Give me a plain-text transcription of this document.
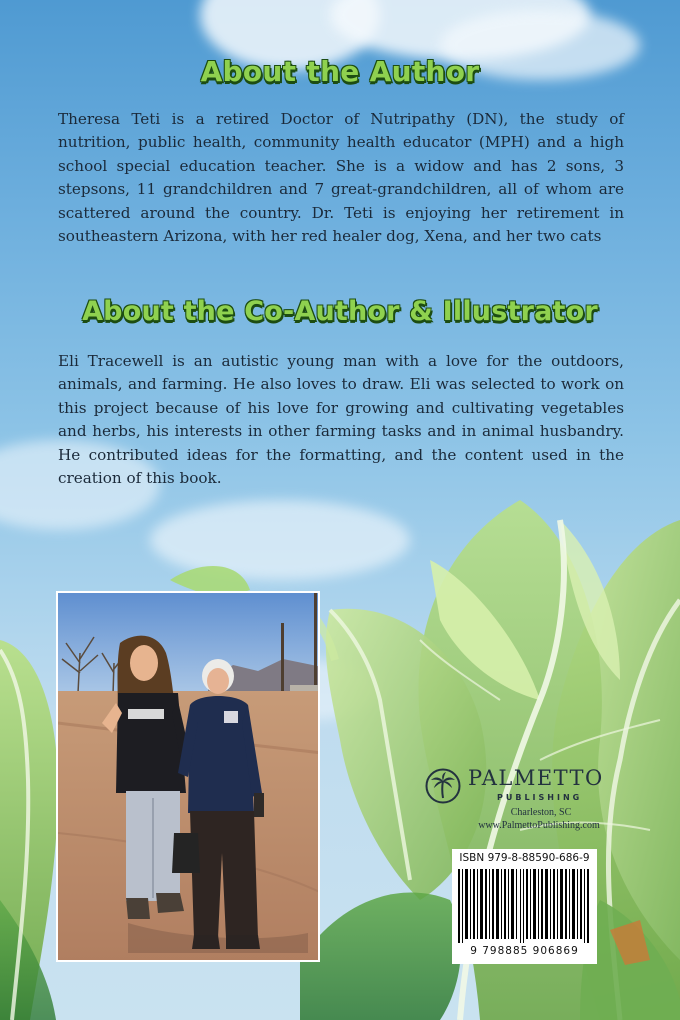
About the Author
Theresa Teti is a retired Doctor of Nutripathy (DN), the study of nutrition, public health, community health educator (MPH) and a high school special education teacher. She is a widow and has 2 sons, 3 stepsons, 11 grandchildren and 7 great-grandchildren, all of whom are scattered around the country. Dr. Teti is enjoying her retirement in southeastern Arizona, with her red healer dog, Xena, and her two cats
About the Co-Author & Illustrator
Eli Tracewell is an autistic young man with a love for the outdoors, animals, and farming. He also loves to draw. Eli was selected to work on this project because of his love for growing and cultivating vegetables and herbs, his interests in other farming tasks and in animal husbandry. He contributed ideas for the formatting, and the content used in the creation of this book.
PALMETTO
PUBLISHING
Charleston, SC
www.PalmettoPublishing.com
ISBN 979-8-88590-686-9
9 798885 906869
